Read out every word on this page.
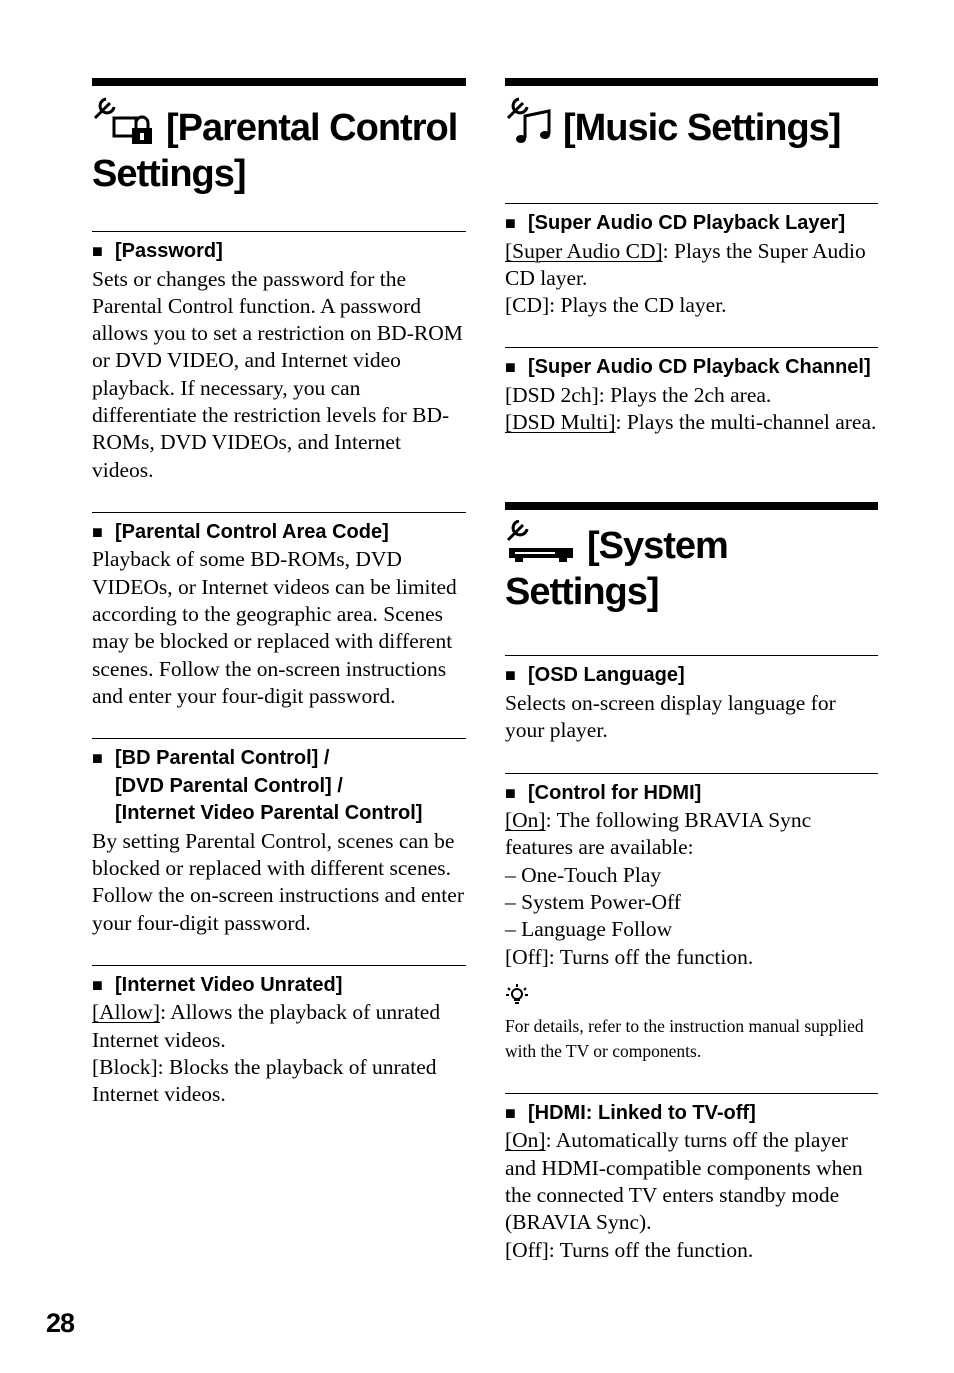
[Parental Control Settings]
■ [Password]

Sets or changes the password for the Parental Control function. A password allows you to set a restriction on BD-ROM or DVD VIDEO, and Internet video playback. If necessary, you can differentiate the restriction levels for BD-ROMs, DVD VIDEOs, and Internet videos.

■ [Parental Control Area Code]

Playback of some BD-ROMs, DVD VIDEOs, or Internet videos can be limited according to the geographic area. Scenes may be blocked or replaced with different scenes. Follow the on-screen instructions and enter your four-digit password.

■ [BD Parental Control] /
[DVD Parental Control] /
[Internet Video Parental Control]

By setting Parental Control, scenes can be blocked or replaced with different scenes. Follow the on-screen instructions and enter your four-digit password.

■ [Internet Video Unrated]

[Allow]: Allows the playback of unrated Internet videos.

[Block]: Blocks the playback of unrated Internet videos.

[Music Settings]
■ [Super Audio CD Playback Layer]

[Super Audio CD]: Plays the Super Audio CD layer.

[CD]: Plays the CD layer.

■ [Super Audio CD Playback Channel]

[DSD 2ch]: Plays the 2ch area.

[DSD Multi]: Plays the multi-channel area.

[System Settings]
■ [OSD Language]

Selects on-screen display language for your player.

■ [Control for HDMI]

[On]: The following BRAVIA Sync features are available:

– One-Touch Play

– System Power-Off

– Language Follow

[Off]: Turns off the function.

For details, refer to the instruction manual supplied with the TV or components.
■ [HDMI: Linked to TV-off]

[On]: Automatically turns off the player and HDMI-compatible components when the connected TV enters standby mode (BRAVIA Sync).

[Off]: Turns off the function.

28
